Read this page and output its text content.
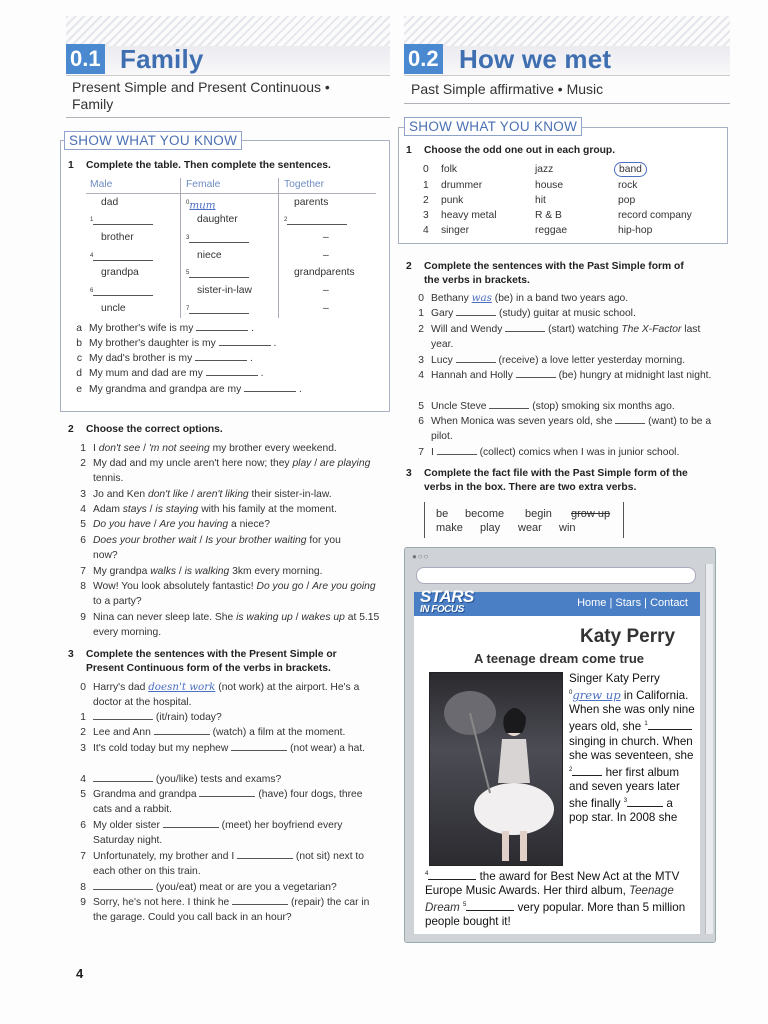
0.1 Family
Present Simple and Present Continuous •
Family
SHOW WHAT YOU KNOW
1 Complete the table. Then complete the sentences.
Male	Female	Together
dad	$^0$mum	parents
$^1$	daughter	$^2$
brother	$^3$	–
$^4$	niece	–
grandpa	$^5$	grandparents
$^6$	sister-in-law	–
uncle	$^7$	–
a My brother's wife is my	.
b My brother's daughter is my	.
c My dad's brother is my	.
d My mum and dad are my	.
e My grandma and grandpa are my	.
2 Choose the correct options.
1 I don't see / 'm not seeing my brother every weekend.
2 My dad and my uncle aren't here now; they play / are playing tennis.
3 Jo and Ken don't like / aren't liking their sister-in-law.
4 Adam stays / is staying with his family at the moment.
5 Do you have / Are you having a niece?
6 Does your brother wait / Is your brother waiting for you now?
7 My grandpa walks / is walking 3km every morning.
8 Wow! You look absolutely fantastic! Do you go / Are you going to a party?
9 Nina can never sleep late. She is waking up / wakes up at 5.15 every morning.
3 Complete the sentences with the Present Simple or
Present Continuous form of the verbs in brackets.
0 Harry's dad doesn't work (not work) at the airport. He's a doctor at the hospital.
1	(it/rain) today?
2 Lee and Ann	(watch) a film at the moment.
3 It's cold today but my nephew	(not wear) a hat.
4	(you/like) tests and exams?
5 Grandma and grandpa	(have) four dogs, three cats and a rabbit.
6 My older sister	(meet) her boyfriend every Saturday night.
7 Unfortunately, my brother and I	(not sit) next to each other on this train.
8	(you/eat) meat or are you a vegetarian?
9 Sorry, he's not here. I think he	(repair) the car in the garage. Could you call back in an hour?
4
0.2 How we met
Past Simple affirmative • Music
SHOW WHAT YOU KNOW
1 Choose the odd one out in each group.
0 folk	jazz	band
1 drummer	house	rock
2 punk	hit	pop
3 heavy metal	R & B	record company
4 singer	reggae	hip-hop
2 Complete the sentences with the Past Simple form of
the verbs in brackets.
0 Bethany was (be) in a band two years ago.
1 Gary	(study) guitar at music school.
2 Will and Wendy	(start) watching The X-Factor last year.
3 Lucy	(receive) a love letter yesterday morning.
4 Hannah and Holly	(be) hungry at midnight last night.
5 Uncle Steve	(stop) smoking six months ago.
6 When Monica was seven years old, she	(want) to be a pilot.
7 I	(collect) comics when I was in junior school.
3 Complete the fact file with the Past Simple form of the
verbs in the box. There are two extra verbs.
be become begin grow up
make play wear win
●○○
STARS
IN FOCUS
Home | Stars | Contact
Katy Perry
A teenage dream come true
Singer Katy Perry $^0$grew up in California. When she was only nine years old, she $^1$ singing in church. When she was seventeen, she $^2$	her first album and seven years later she finally $^3$	a pop star. In 2008 she
$^4$	the award for Best New Act at the MTV Europe Music Awards. Her third album, Teenage Dream $^5$	very popular. More than 5 million people bought it!
